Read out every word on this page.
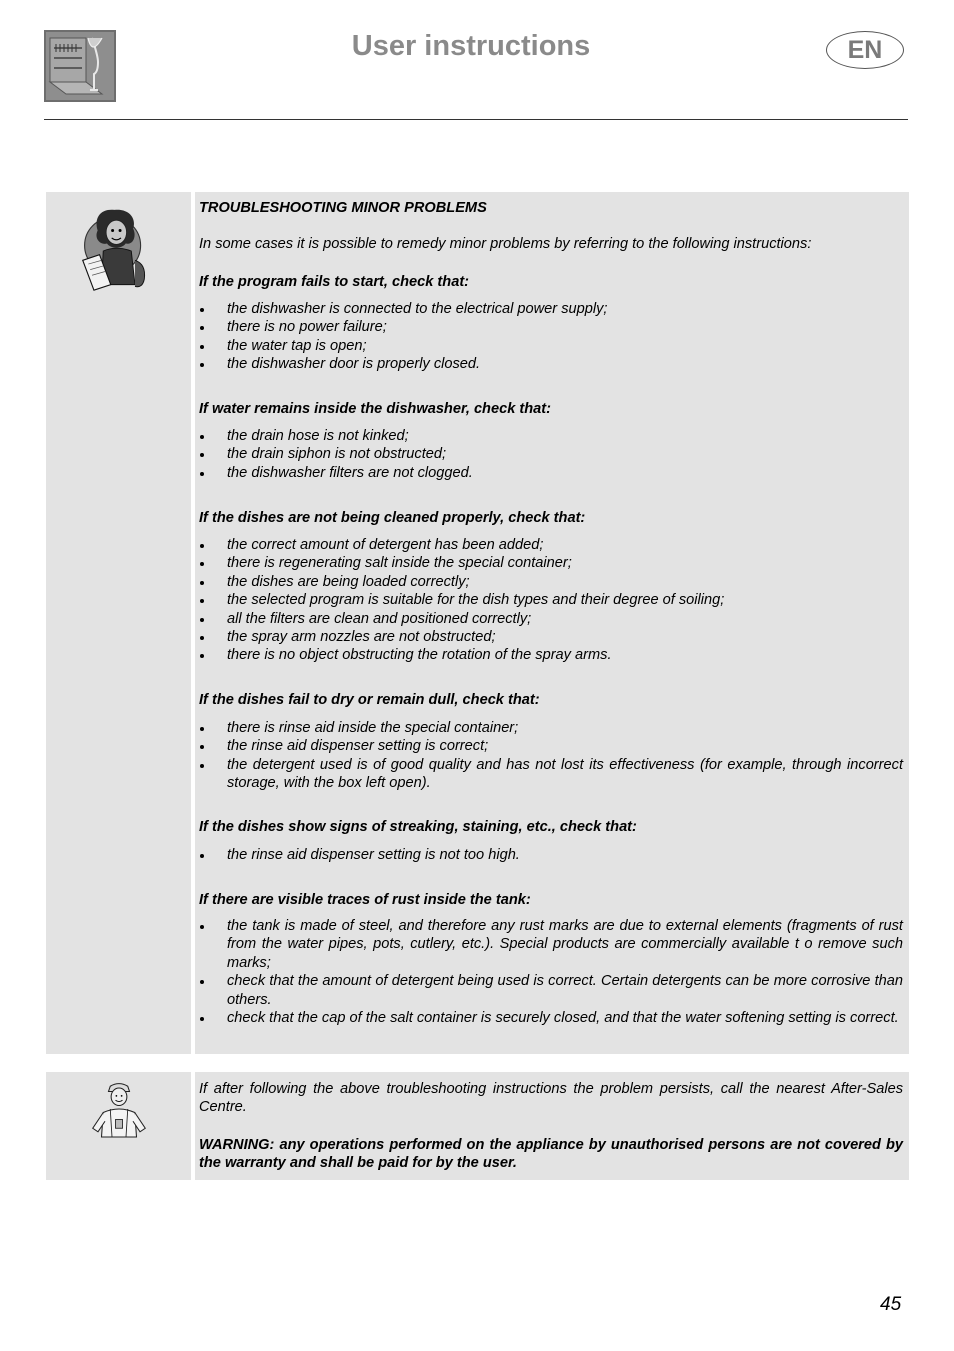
User instructions	EN
TROUBLESHOOTING MINOR PROBLEMS
In some cases it is possible to remedy minor problems by referring to the following instructions:
If the program fails to start, check that:
the dishwasher is connected to the electrical power supply;
there is no power failure;
the water tap is open;
the dishwasher door is properly closed.
If water remains inside the dishwasher, check that:
the drain hose is not kinked;
the drain siphon is not obstructed;
the dishwasher filters are not clogged.
If the dishes are not being cleaned properly, check that:
the correct amount of detergent has been added;
there is regenerating salt inside the special container;
the dishes are being loaded correctly;
the selected program is suitable for the dish types and their degree of soiling;
all the filters are clean and positioned correctly;
the spray arm nozzles are not obstructed;
there is no object obstructing the rotation of the spray arms.
If the dishes fail to dry or remain dull, check that:
there is rinse aid inside the special container;
the rinse aid dispenser setting is correct;
the detergent used is of good quality and has not lost its effectiveness (for example, through incorrect storage, with the box left open).
If the dishes show signs of streaking, staining, etc., check that:
the rinse aid dispenser setting is not too high.
If there are visible traces of rust inside the tank:
the tank is made of steel, and therefore any rust marks are due to external elements (fragments of rust from the water pipes, pots, cutlery, etc.). Special products are commercially available t o remove such marks;
check that the amount of detergent being used is correct. Certain detergents can be more corrosive than others.
check that the cap of the salt container is securely closed, and that the water softening setting is correct.
If after following the above troubleshooting instructions the problem persists, call the nearest After-Sales Centre.
WARNING: any operations performed on the appliance by unauthorised persons are not covered by the warranty and shall be paid for by the user.
45
